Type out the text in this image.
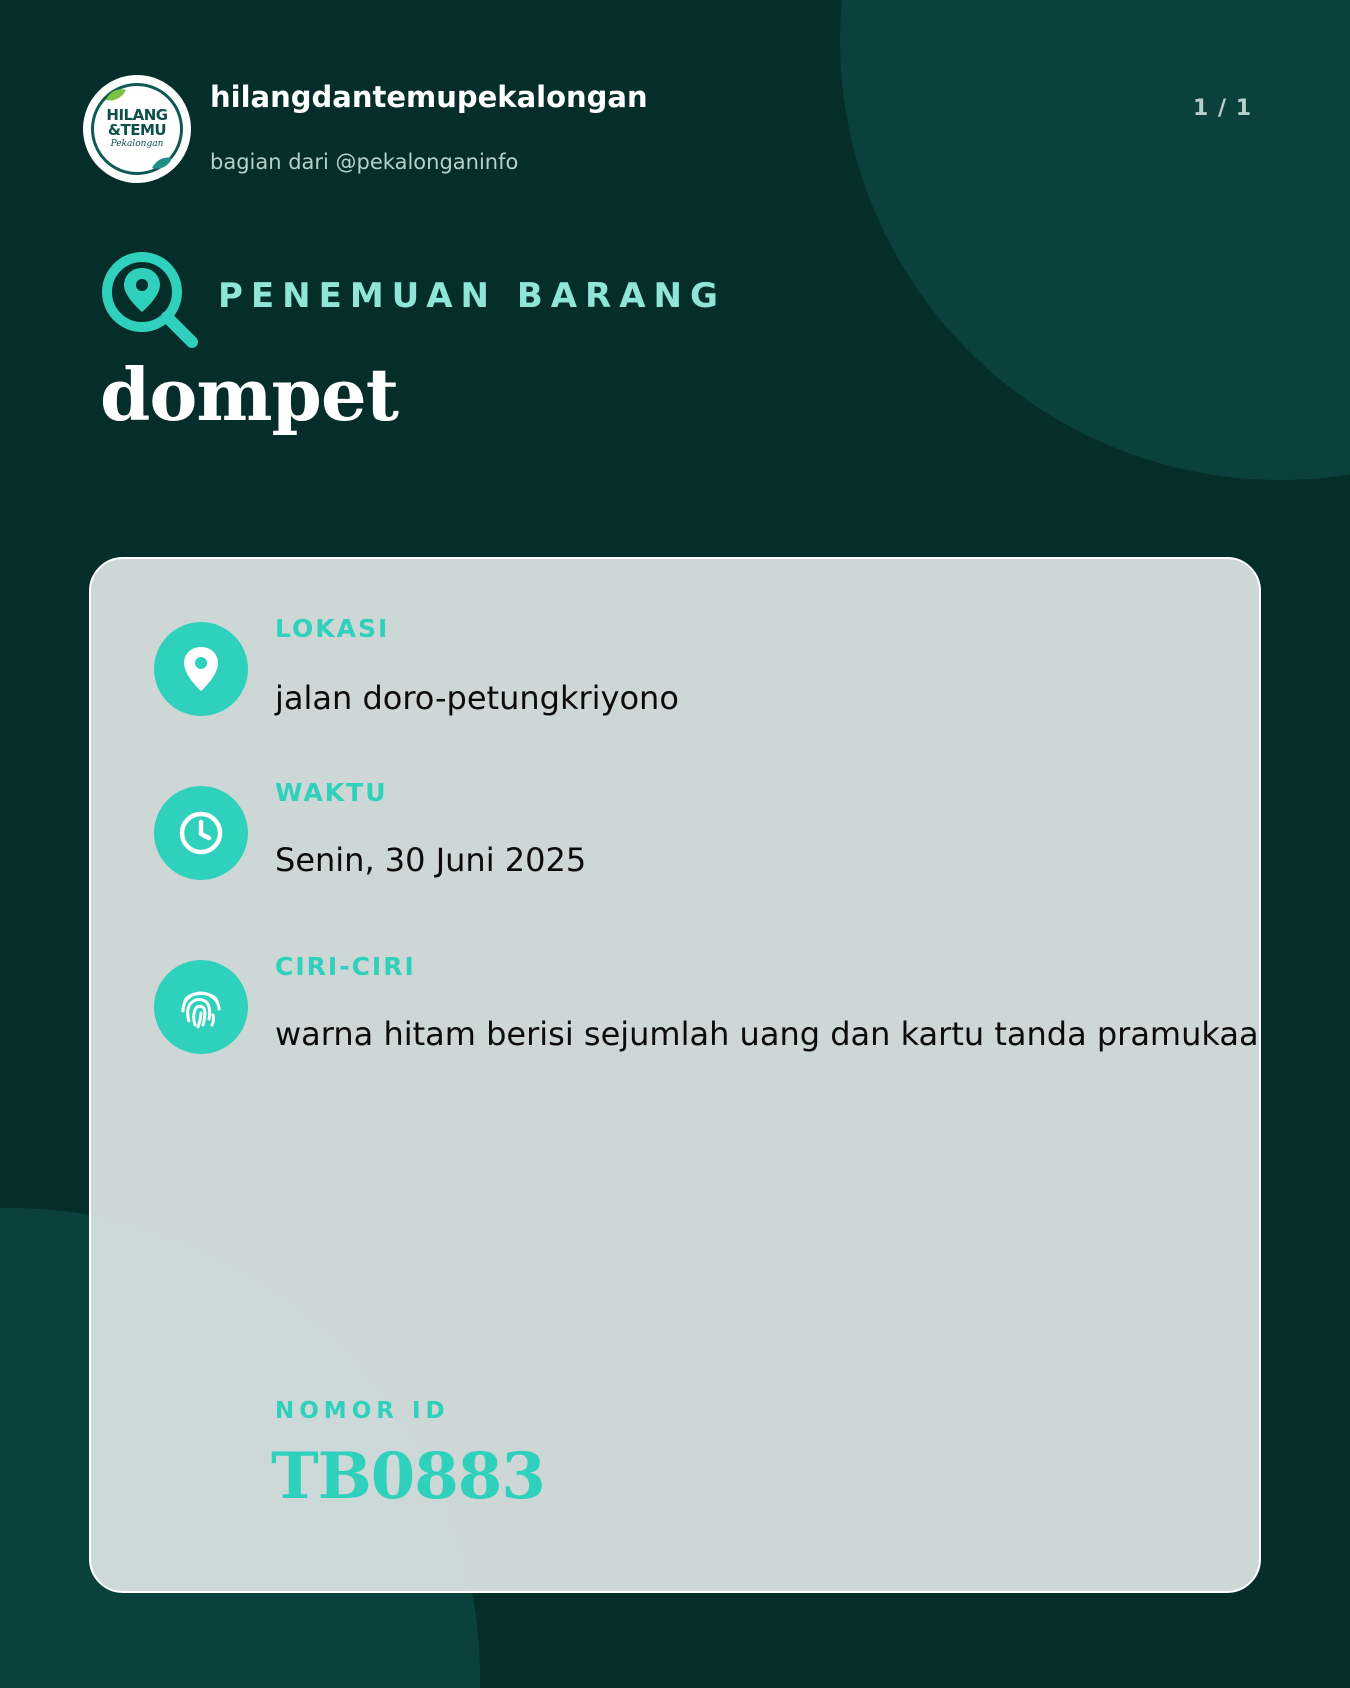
HILANG
&TEMU
Pekalongan
hilangdantemupekalongan
bagian dari @pekalonganinfo
1 / 1
PENEMUAN BARANG
dompet
LOKASI
jalan doro-petungkriyono
WAKTU
Senin, 30 Juni 2025
CIRI-CIRI
warna hitam berisi sejumlah uang dan kartu tanda pramukaa
NOMOR ID
TB0883
